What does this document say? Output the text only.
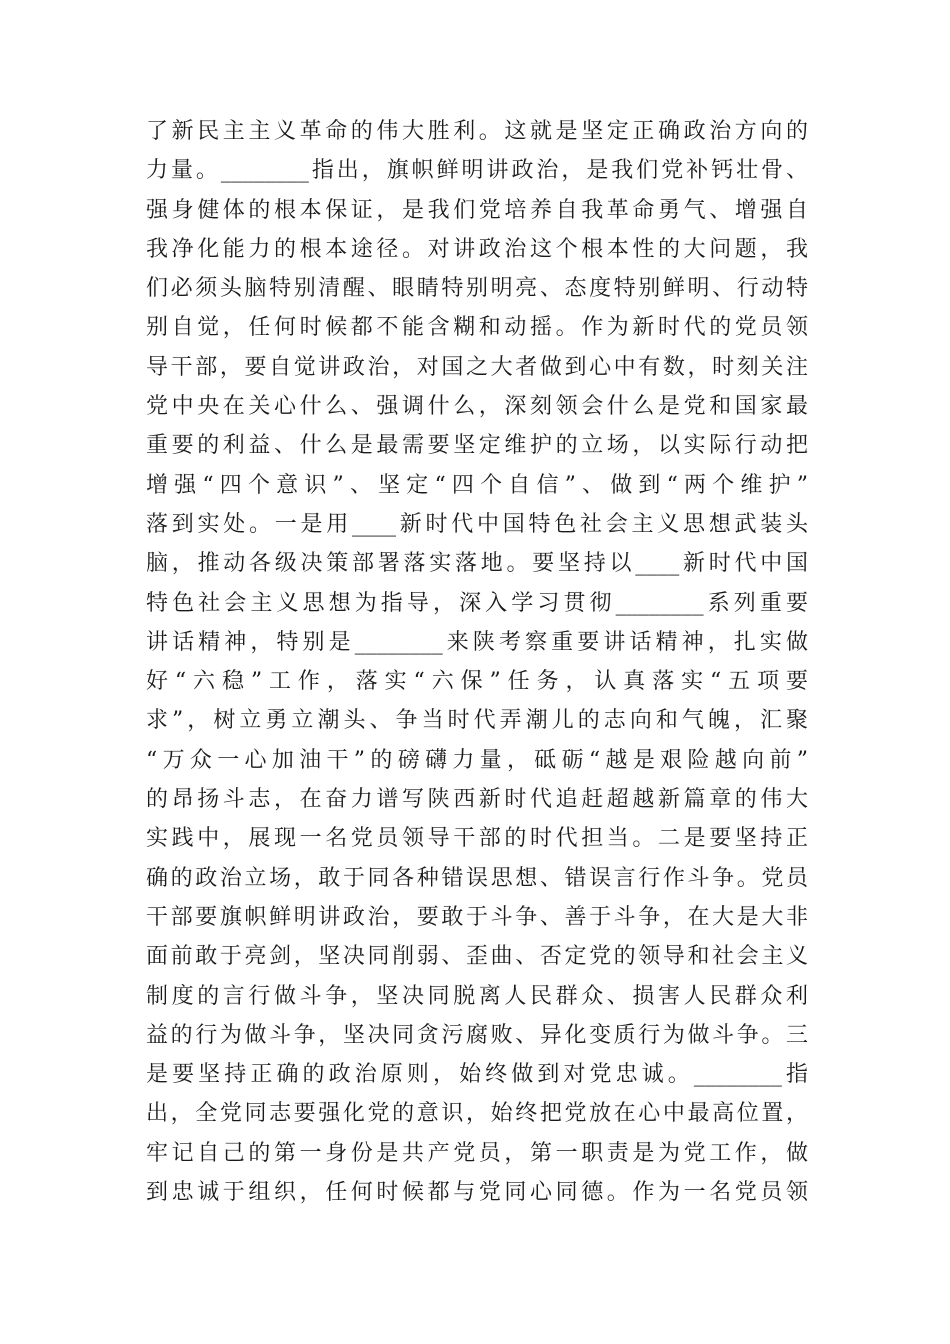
了新民主主义革命的伟大胜利。这就是坚定正确政治方向的
力量。________指出，旗帜鲜明讲政治，是我们党补钙壮骨、
强身健体的根本保证，是我们党培养自我革命勇气、增强自
我净化能力的根本途径。对讲政治这个根本性的大问题，我
们必须头脑特别清醒、眼睛特别明亮、态度特别鲜明、行动特
别自觉，任何时候都不能含糊和动摇。作为新时代的党员领
导干部，要自觉讲政治，对国之大者做到心中有数，时刻关注
党中央在关心什么、强调什么，深刻领会什么是党和国家最
重要的利益、什么是最需要坚定维护的立场，以实际行动把
增强“四个意识”、坚定“四个自信”、做到“两个维护”
落到实处。一是用____新时代中国特色社会主义思想武装头
脑，推动各级决策部署落实落地。要坚持以____新时代中国
特色社会主义思想为指导，深入学习贯彻________系列重要
讲话精神，特别是________来陕考察重要讲话精神，扎实做
好“六稳”工作，落实“六保”任务，认真落实“五项要
求”，树立勇立潮头、争当时代弄潮儿的志向和气魄，汇聚
“万众一心加油干”的磅礴力量，砥砺“越是艰险越向前”
的昂扬斗志，在奋力谱写陕西新时代追赶超越新篇章的伟大
实践中，展现一名党员领导干部的时代担当。二是要坚持正
确的政治立场，敢于同各种错误思想、错误言行作斗争。党员
干部要旗帜鲜明讲政治，要敢于斗争、善于斗争，在大是大非
面前敢于亮剑，坚决同削弱、歪曲、否定党的领导和社会主义
制度的言行做斗争，坚决同脱离人民群众、损害人民群众利
益的行为做斗争，坚决同贪污腐败、异化变质行为做斗争。三
是要坚持正确的政治原则，始终做到对党忠诚。________指
出，全党同志要强化党的意识，始终把党放在心中最高位置，
牢记自己的第一身份是共产党员，第一职责是为党工作，做
到忠诚于组织，任何时候都与党同心同德。作为一名党员领
